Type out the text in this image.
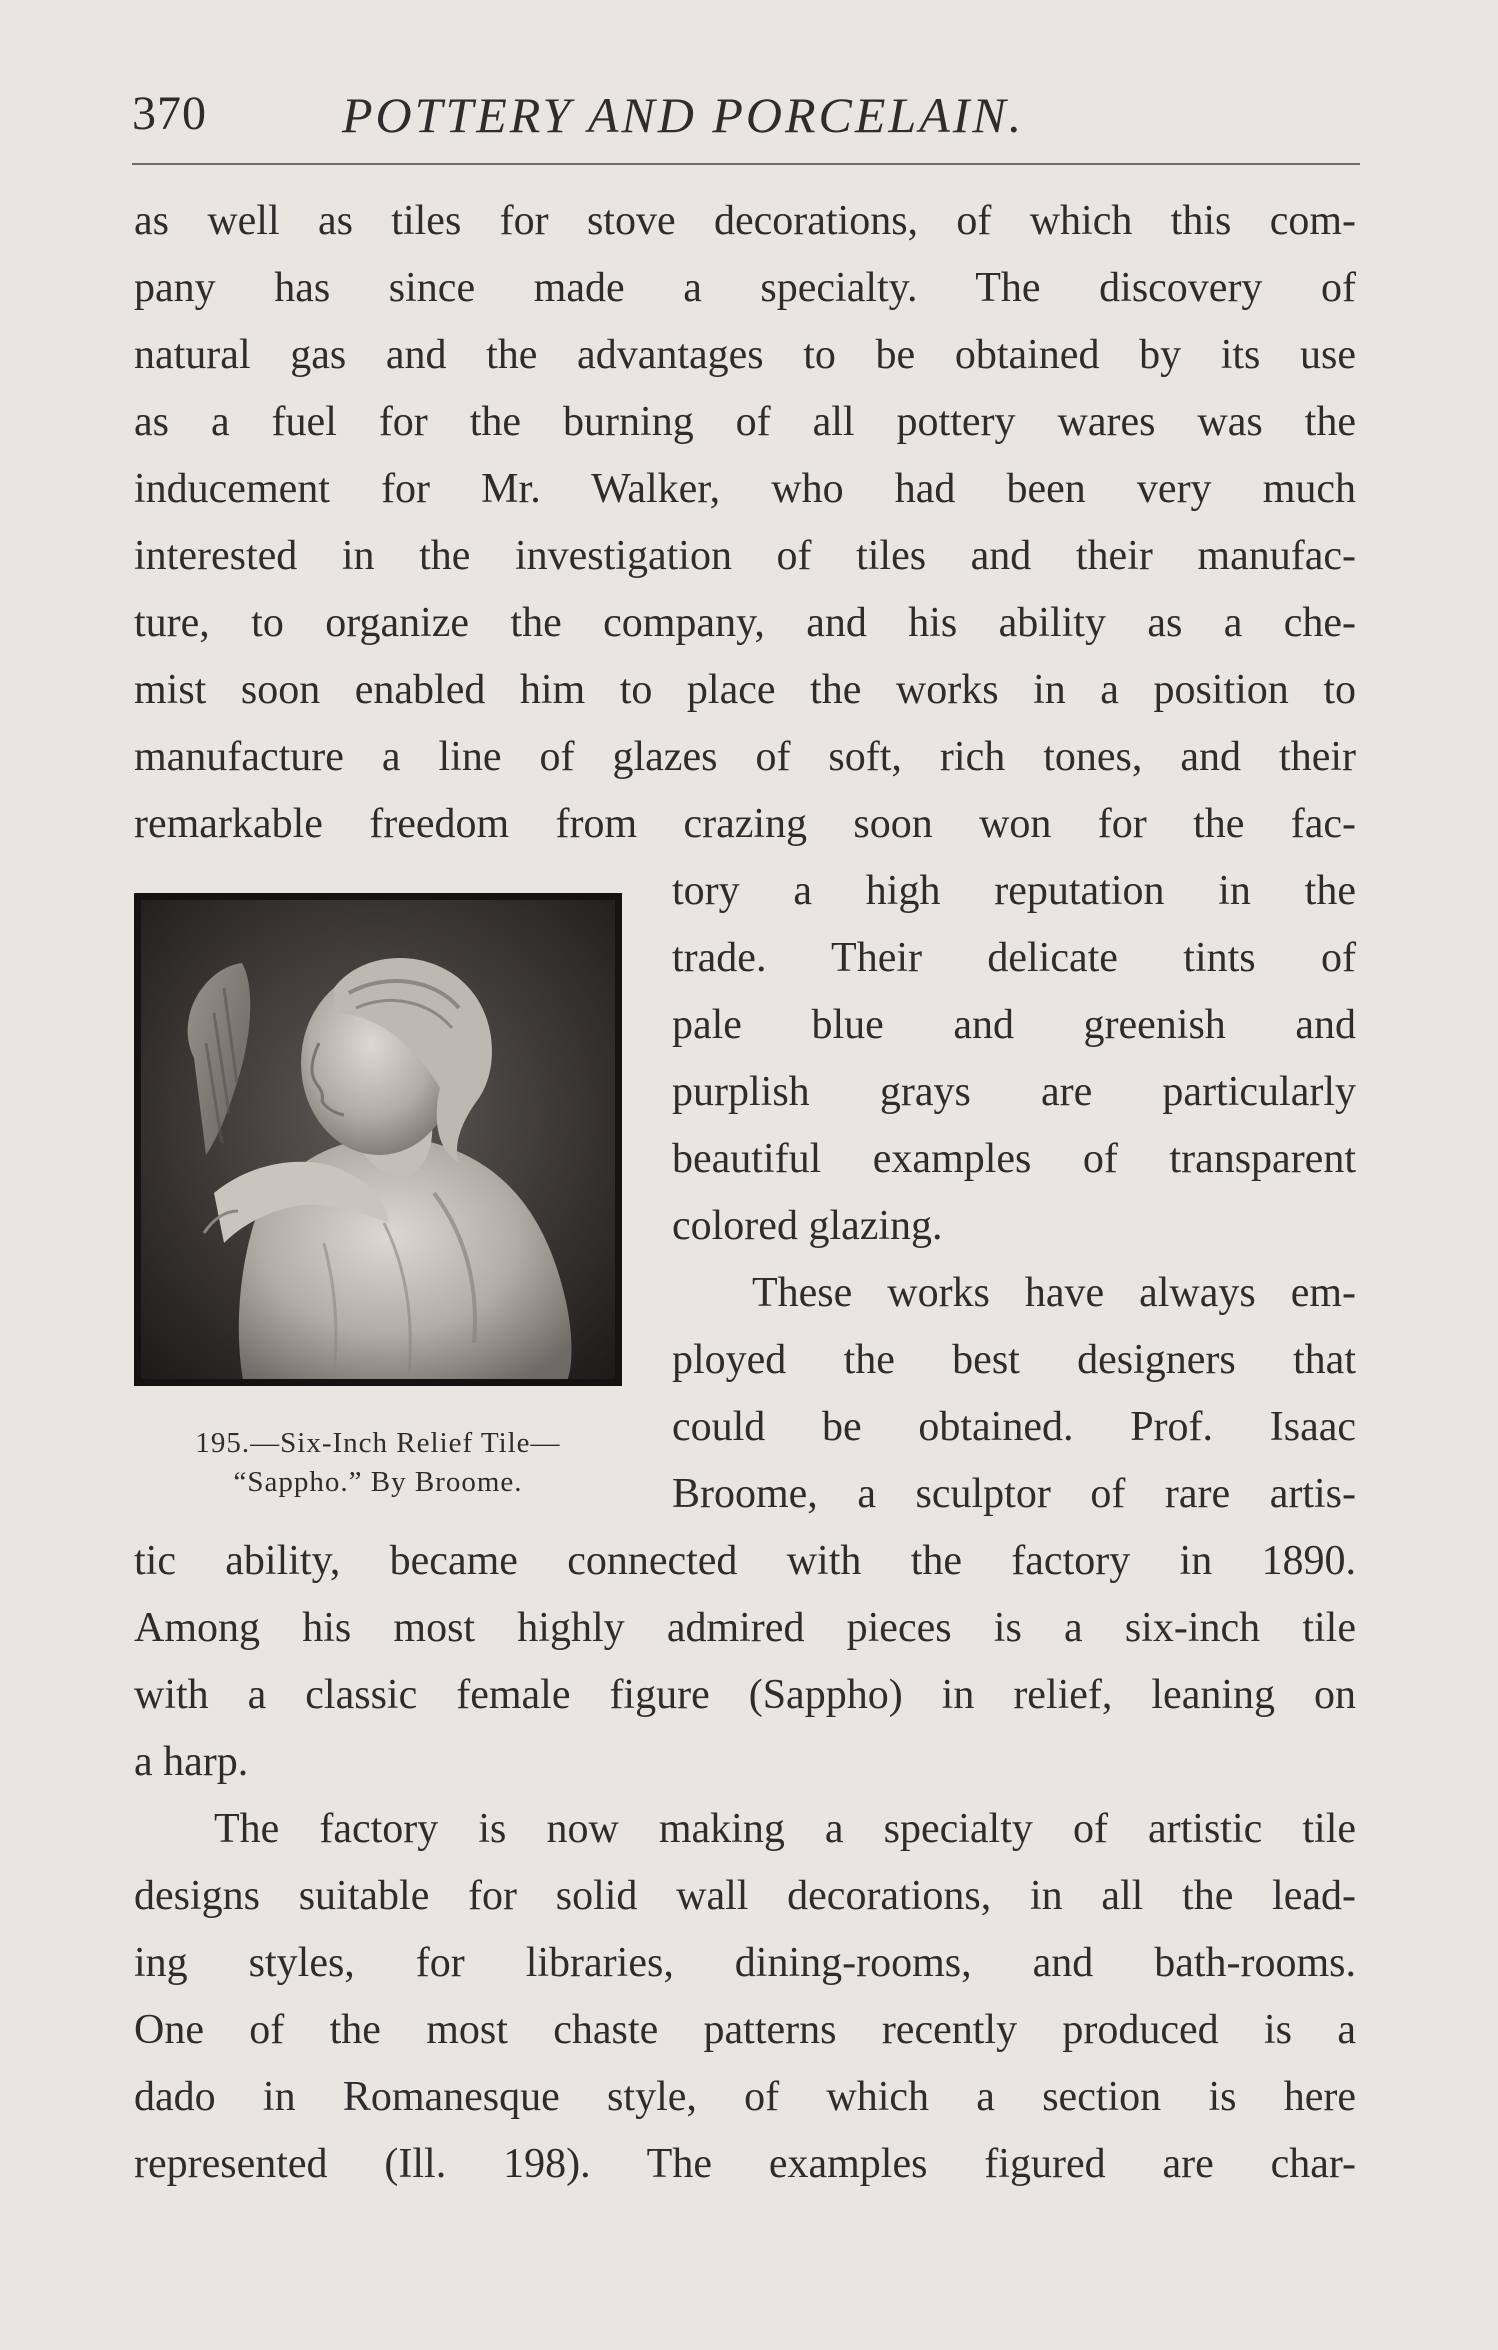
370	POTTERY AND PORCELAIN.
as well as tiles for stove decorations, of which this com-
pany has since made a specialty. The discovery of
natural gas and the advantages to be obtained by its use
as a fuel for the burning of all pottery wares was the
inducement for Mr. Walker, who had been very much
interested in the investigation of tiles and their manufac-
ture, to organize the company, and his ability as a che-
mist soon enabled him to place the works in a position to
manufacture a line of glazes of soft, rich tones, and their
remarkable freedom from crazing soon won for the fac-
tory a high reputation in the
trade. Their delicate tints of
pale blue and greenish and
purplish grays are particularly
beautiful examples of transparent
colored glazing.
These works have always em-
ployed the best designers that
could be obtained. Prof. Isaac
Broome, a sculptor of rare artis-
tic ability, became connected with the factory in 1890.
Among his most highly admired pieces is a six-inch tile
with a classic female figure (Sappho) in relief, leaning on
a harp.
The factory is now making a specialty of artistic tile
designs suitable for solid wall decorations, in all the lead-
ing styles, for libraries, dining-rooms, and bath-rooms.
One of the most chaste patterns recently produced is a
dado in Romanesque style, of which a section is here
represented (Ill. 198). The examples figured are char-
195.—Six-Inch Relief Tile—
“Sappho.” By Broome.
